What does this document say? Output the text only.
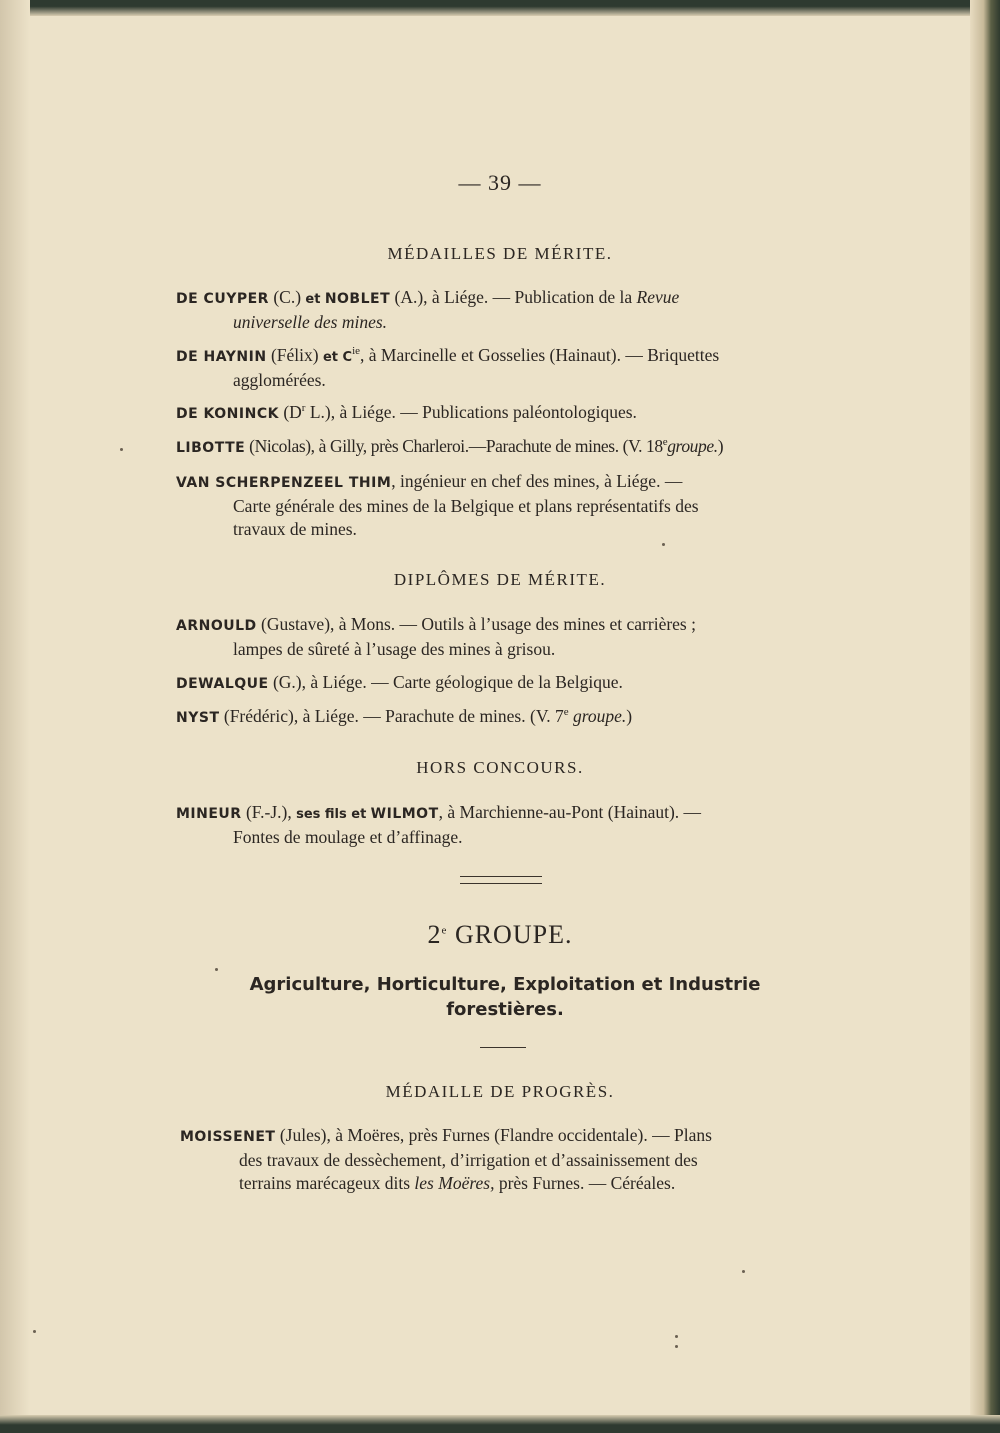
— 39 —
MÉDAILLES DE MÉRITE.
DE CUYPER (C.) et NOBLET (A.), à Liége. — Publication de la Revue
universelle des mines.
DE HAYNIN (Félix) et $C^{ie}$, à Marcinelle et Gosselies (Hainaut). — Briquettes
agglomérées.
DE KONINCK ($D^r$ L.), à Liége. — Publications paléontologiques.
LIBOTTE (Nicolas), à Gilly, près Charleroi.—Parachute de mines. (V. 18egroupe.)
VAN SCHERPENZEEL THIM, ingénieur en chef des mines, à Liége. —
Carte générale des mines de la Belgique et plans représentatifs des
travaux de mines.
DIPLÔMES DE MÉRITE.
ARNOULD (Gustave), à Mons. — Outils à l’usage des mines et carrières ;
lampes de sûreté à l’usage des mines à grisou.
DEWALQUE (G.), à Liége. — Carte géologique de la Belgique.
NYST (Frédéric), à Liége. — Parachute de mines. (V. 7e groupe.)
HORS CONCOURS.
MINEUR (F.-J.), ses fils et WILMOT, à Marchienne-au-Pont (Hainaut). —
Fontes de moulage et d’affinage.
2e GROUPE.
Agriculture, Horticulture, Exploitation et Industrie
forestières.
MÉDAILLE DE PROGRÈS.
MOISSENET (Jules), à Moëres, près Furnes (Flandre occidentale). — Plans
des travaux de dessèchement, d’irrigation et d’assainissement des
terrains marécageux dits les Moëres, près Furnes. — Céréales.
